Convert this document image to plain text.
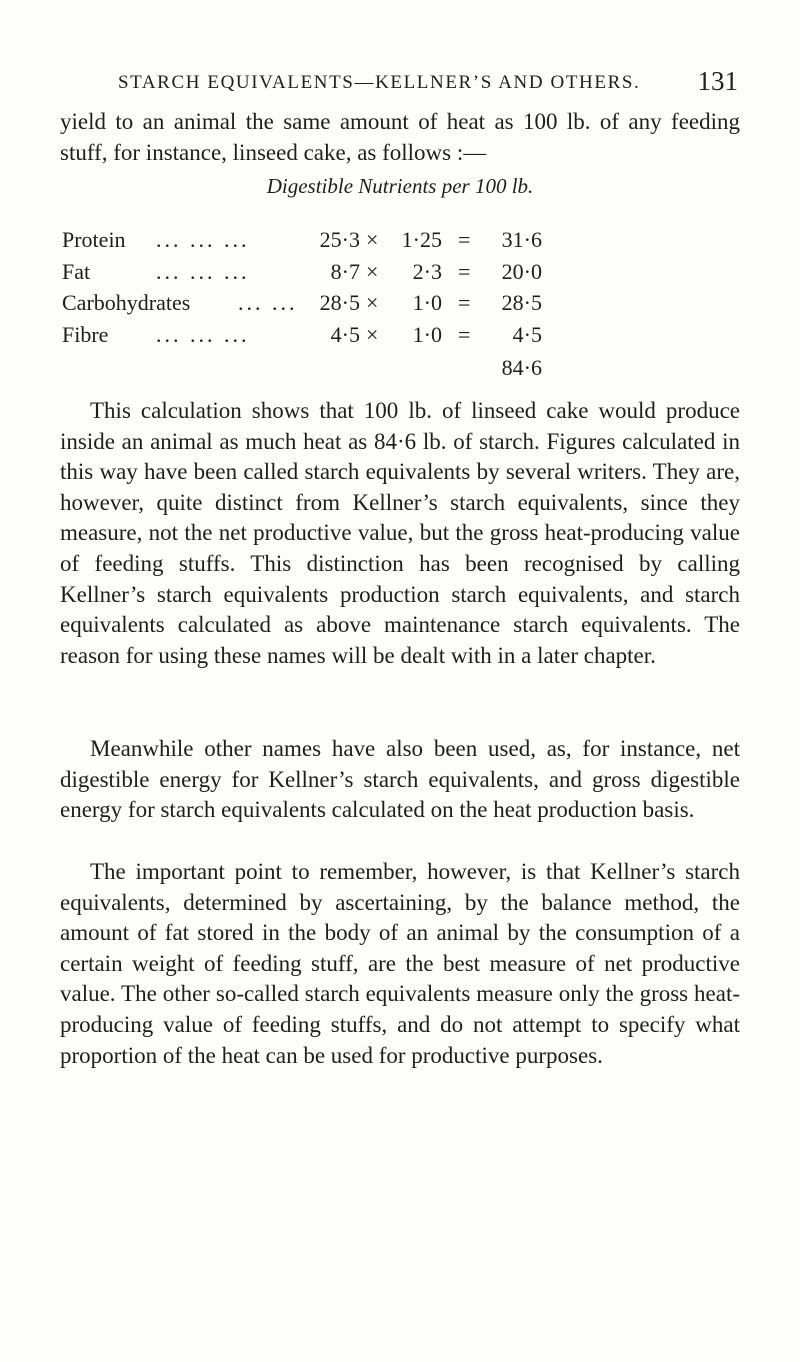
STARCH EQUIVALENTS—KELLNER’S AND OTHERS. 131

yield to an animal the same amount of heat as 100 lb. of any feeding stuff, for instance, linseed cake, as follows :—

Digestible Nutrients per 100 lb.
Protein ... ... ...	25·3 ×	1·25 =	31·6
Fat	... ... ...	8·7 ×	2·3 =	20·0
Carbohydrates ... ...	28·5 ×	1·0 =	28·5
Fibre ... ... ...	4·5 ×	1·0 =	4·5
84·6

This calculation shows that 100 lb. of linseed cake would produce inside an animal as much heat as 84·6 lb. of starch. Figures calculated in this way have been called starch equivalents by several writers. They are, however, quite distinct from Kellner’s starch equivalents, since they measure, not the net productive value, but the gross heat-producing value of feeding stuffs. This distinction has been recognised by calling Kellner’s starch equivalents production starch equivalents, and starch equivalents calculated as above maintenance starch equivalents. The reason for using these names will be dealt with in a later chapter.

Meanwhile other names have also been used, as, for instance, net digestible energy for Kellner’s starch equivalents, and gross digestible energy for starch equivalents calculated on the heat production basis.

The important point to remember, however, is that Kellner’s starch equivalents, determined by ascertaining, by the balance method, the amount of fat stored in the body of an animal by the consumption of a certain weight of feeding stuff, are the best measure of net productive value. The other so-called starch equivalents measure only the gross heat-producing value of feeding stuffs, and do not attempt to specify what proportion of the heat can be used for productive purposes.
